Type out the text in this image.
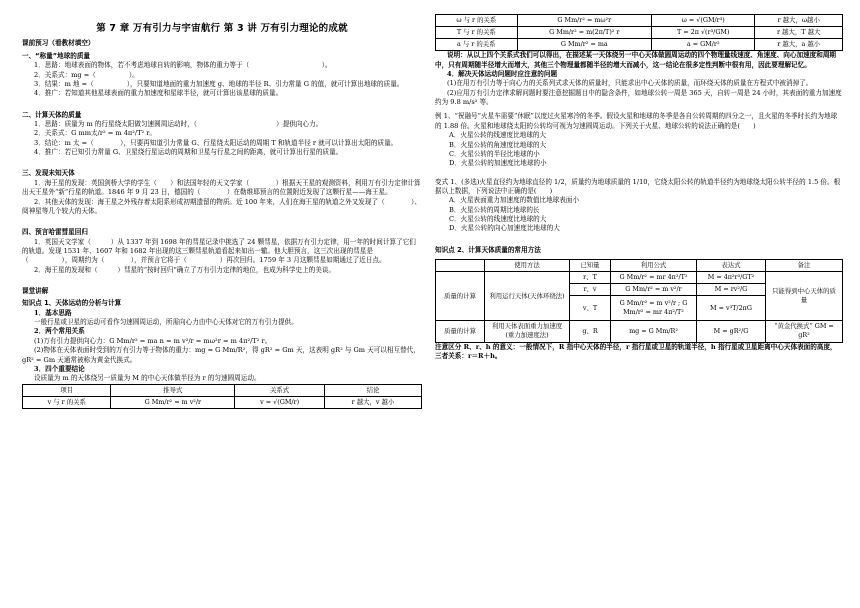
第 7 章 万有引力与宇宙航行 第 3 讲 万有引力理论的成就
课前预习（看教材填空）
一、“称量”地球的质量

1．思路：地球表面的物体，若不考虑地球自转的影响，物体的重力等于（　　　　　　　　　　　）。

2．关系式：mg =（　　　　　）。

3．结果：m 地 =（　　　　　），只要知道地面的重力加速度 g、地球的半径 R、引力常量 G 的值，就可计算出地球的质量。

4．推广：若知道其他星球表面的重力加速度和星球半径，就可计算出该星球的质量。

二、计算天体的质量

1．思路：质量为 m 的行星绕太阳做匀速圆周运动时，（　　　　　　　　　　　　）提供向心力。

2．关系式：G mm太/r² = m 4π²/T² r。

3．结论：m 太 =（　　　　），只要再知道引力常量 G、行星绕太阳运动的周期 T 和轨道半径 r 就可以计算出太阳的质量。

4．推广：若已知引力常量 G、卫星绕行星运动的周期和卫星与行星之间的距离，就可计算出行星的质量。

三、发现未知天体

1．海王星的发现：英国剑桥大学的学生（　　）和法国年轻的天文学家（　　　　）根据天王星的观测资料，利用万有引力定律计算出天王星外“新”行星的轨道。1846 年 9 月 23 日，德国的（　　　　）在勒维耶预言的位置附近发现了这颗行星——海王星。

2．其他天体的发现：海王星之外残存着太阳系形成初期遗留的物质。近 100 年来，人们在海王星的轨道之外又发现了（　　　　）、阋神星等几个较大的天体。

四、预言哈雷彗星回归

1．英国天文学家（　　　）从 1337 年到 1698 年的彗星记录中挑选了 24 颗彗星，依据万有引力定律，用一年的时间计算了它们的轨道。发现 1531 年、1607 年和 1682 年出现的这三颗彗星轨道看起来如出一辙。他大胆预言，这三次出现的彗星是（　　　　　），周期约为（　　　　），并预言它将于（　　　　　）再次回归。1759 年 3 月这颗彗星如期通过了近日点。

2．海王星的发现和（　　　）彗星的“按时回归”确立了万有引力定律的地位，也成为科学史上的美谈。

课堂讲解
知识点 1、天体运动的分析与计算
1．基本思路

一般行星或卫星的运动可看作匀速圆周运动，所需向心力由中心天体对它的万有引力提供。

2．两个常用关系

(1)万有引力提供向心力：G Mm/r² = ma n = m v²/r = mω²r = m 4π²/T² r。

(2)物体在天体表面时受到的万有引力等于物体的重力：mg = G Mm/R²，得 gR² = Gm 天，这表明 gR² 与 Gm 天可以相互替代，gR² = Gm 天通常被称为黄金代换式。

3．四个重要结论

设质量为 m 的天体绕另一质量为 M 的中心天体做半径为 r 的匀速圆周运动。

项目	推导式	关系式	结论
v 与 r 的关系	G Mm/r² = m v²/r	v = √(GM/r)	r 越大，v 越小
ω 与 r 的关系	G Mm/r² = mω²r	ω = √(GM/r³)	r 越大，ω越小
T 与 r 的关系	G Mm/r² = m(2π/T)² r	T = 2π √(r³/GM)	r 越大，T 越大
a 与 r 的关系	G Mm/r² = ma	a = GM/r²	r 越大，a 越小

说明：从以上四个关系式我们可以得出，在描述某一天体绕另一中心天体做圆周运动的四个物理量线速度、角速度、向心加速度和周期中，只有周期随半径增大而增大，其他三个物理量都随半径的增大而减小，这一结论在很多定性判断中很有用，因此要理解记忆。

4．解决天体运动问题时应注意的问题

(1)在用万有引力等于向心力的关系列式求天体的质量时，只能求出中心天体的质量，而环绕天体的质量在方程式中被消掉了。

(2)应用万有引力定律求解问题时要注意挖掘题目中的隐含条件，如地球公转一周是 365 天，自转一周是 24 小时，其表面的重力加速度约为 9.8 m/s² 等。

例 1、“祝融号”火星车需要“休眠”以度过火星寒冷的冬季。假设火星和地球的冬季是各自公转周期的四分之一，且火星的冬季时长约为地球的 1.88 倍。火星和地球绕太阳的公转均可视为匀速圆周运动。下列关于火星、地球公转的说法正确的是(　　)

A．火星公转的线速度比地球的大
B．火星公转的角速度比地球的大
C．火星公转的半径比地球的小
D．火星公转的加速度比地球的小

变式 1、(多选)火星直径约为地球直径的 1/2，质量约为地球质量的 1/10，它绕太阳公转的轨道半径约为地球绕太阳公转半径的 1.5 倍。根据以上数据，下列说法中正确的是(　　)

A．火星表面重力加速度的数值比地球表面小
B．火星公转的周期比地球的长
C．火星公转的线速度比地球的大
D．火星公转的向心加速度比地球的大
知识点 2、计算天体质量的常用方法
	使用方法	已知量	利用公式	表达式	备注
质量的计算	利用运行天体(天体环绕法)	r、T	G Mm/r² = mr 4π²/T²	M = 4π²r³/GT²	只能得到中心天体的质量
		r、v	G Mm/r² = m v²/r	M = rv²/G	
		v、T	G Mm/r² = m v²/r ; G Mm/r² = mr 4π²/T²	M = v³T/2πG	
质量的计算	利用天体表面重力加速度(重力加速度法)	g、R	mg = G Mm/R²	M = gR²/G	“黄金代换式” GM = gR²

注意区分 R、r、h 的意义：一般情况下，R 指中心天体的半径，r 指行星或卫星的轨道半径，h 指行星或卫星距离中心天体表面的高度，三者关系：r＝R＋h。
